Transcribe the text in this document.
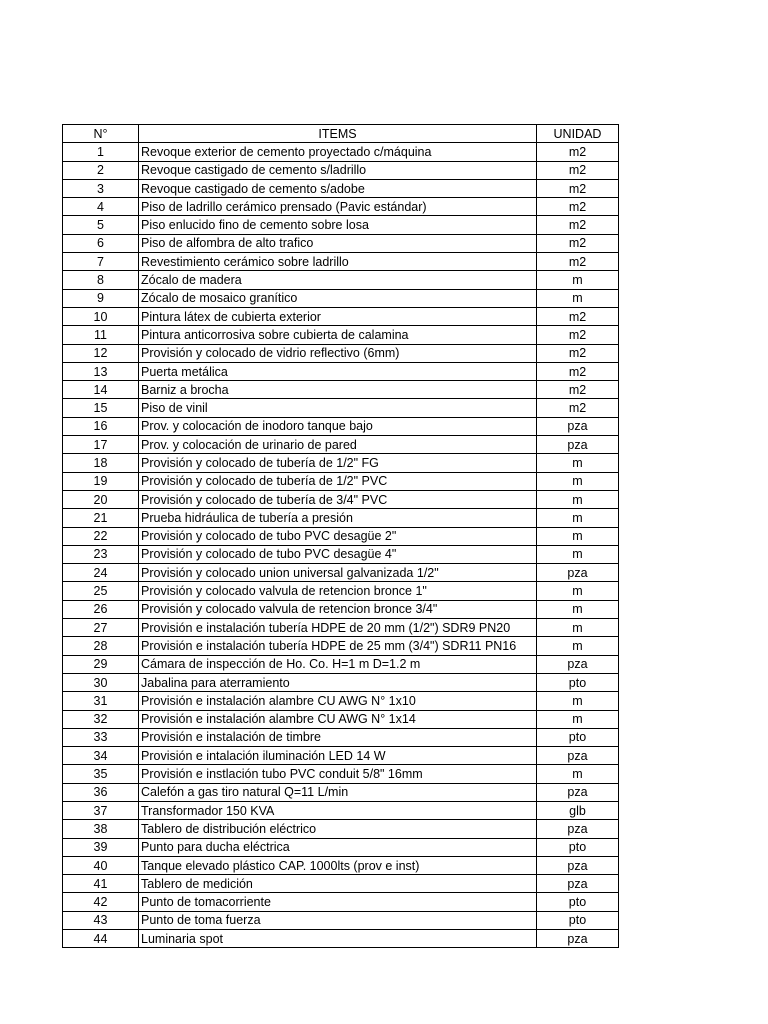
N°	ITEMS	UNIDAD
1	Revoque exterior de cemento proyectado c/máquina	m2
2	Revoque castigado de cemento s/ladrillo	m2
3	Revoque castigado de cemento s/adobe	m2
4	Piso de ladrillo cerámico prensado (Pavic estándar)	m2
5	Piso enlucido fino de cemento sobre losa	m2
6	Piso de alfombra de alto trafico	m2
7	Revestimiento cerámico sobre ladrillo	m2
8	Zócalo de madera	m
9	Zócalo de mosaico granítico	m
10	Pintura látex de cubierta exterior	m2
11	Pintura anticorrosiva sobre cubierta de calamina	m2
12	Provisión y colocado de vidrio reflectivo (6mm)	m2
13	Puerta metálica	m2
14	Barniz a brocha	m2
15	Piso de vinil	m2
16	Prov. y colocación de inodoro tanque bajo	pza
17	Prov. y colocación de urinario de pared	pza
18	Provisión y colocado de tubería de 1/2" FG	m
19	Provisión y colocado de tubería de 1/2" PVC	m
20	Provisión y colocado de tubería de 3/4" PVC	m
21	Prueba hidráulica de tubería a presión	m
22	Provisión y colocado de tubo PVC desagüe 2"	m
23	Provisión y colocado de tubo PVC desagüe 4"	m
24	Provisión y colocado union universal galvanizada 1/2"	pza
25	Provisión y colocado valvula de retencion bronce 1"	m
26	Provisión y colocado valvula de retencion bronce 3/4"	m
27	Provisión e instalación tubería HDPE de 20 mm (1/2") SDR9 PN20	m
28	Provisión e instalación tubería HDPE de 25 mm (3/4") SDR11 PN16	m
29	Cámara de inspección de Ho. Co. H=1 m D=1.2 m	pza
30	Jabalina para aterramiento	pto
31	Provisión e instalación alambre CU AWG N° 1x10	m
32	Provisión e instalación alambre CU AWG N° 1x14	m
33	Provisión e instalación de timbre	pto
34	Provisión e intalación iluminación LED 14 W	pza
35	Provisión e instlación tubo PVC conduit 5/8" 16mm	m
36	Calefón a gas tiro natural Q=11 L/min	pza
37	Transformador 150 KVA	glb
38	Tablero de distribución eléctrico	pza
39	Punto para ducha eléctrica	pto
40	Tanque elevado plástico CAP. 1000lts (prov e inst)	pza
41	Tablero de medición	pza
42	Punto de tomacorriente	pto
43	Punto de toma fuerza	pto
44	Luminaria spot	pza
